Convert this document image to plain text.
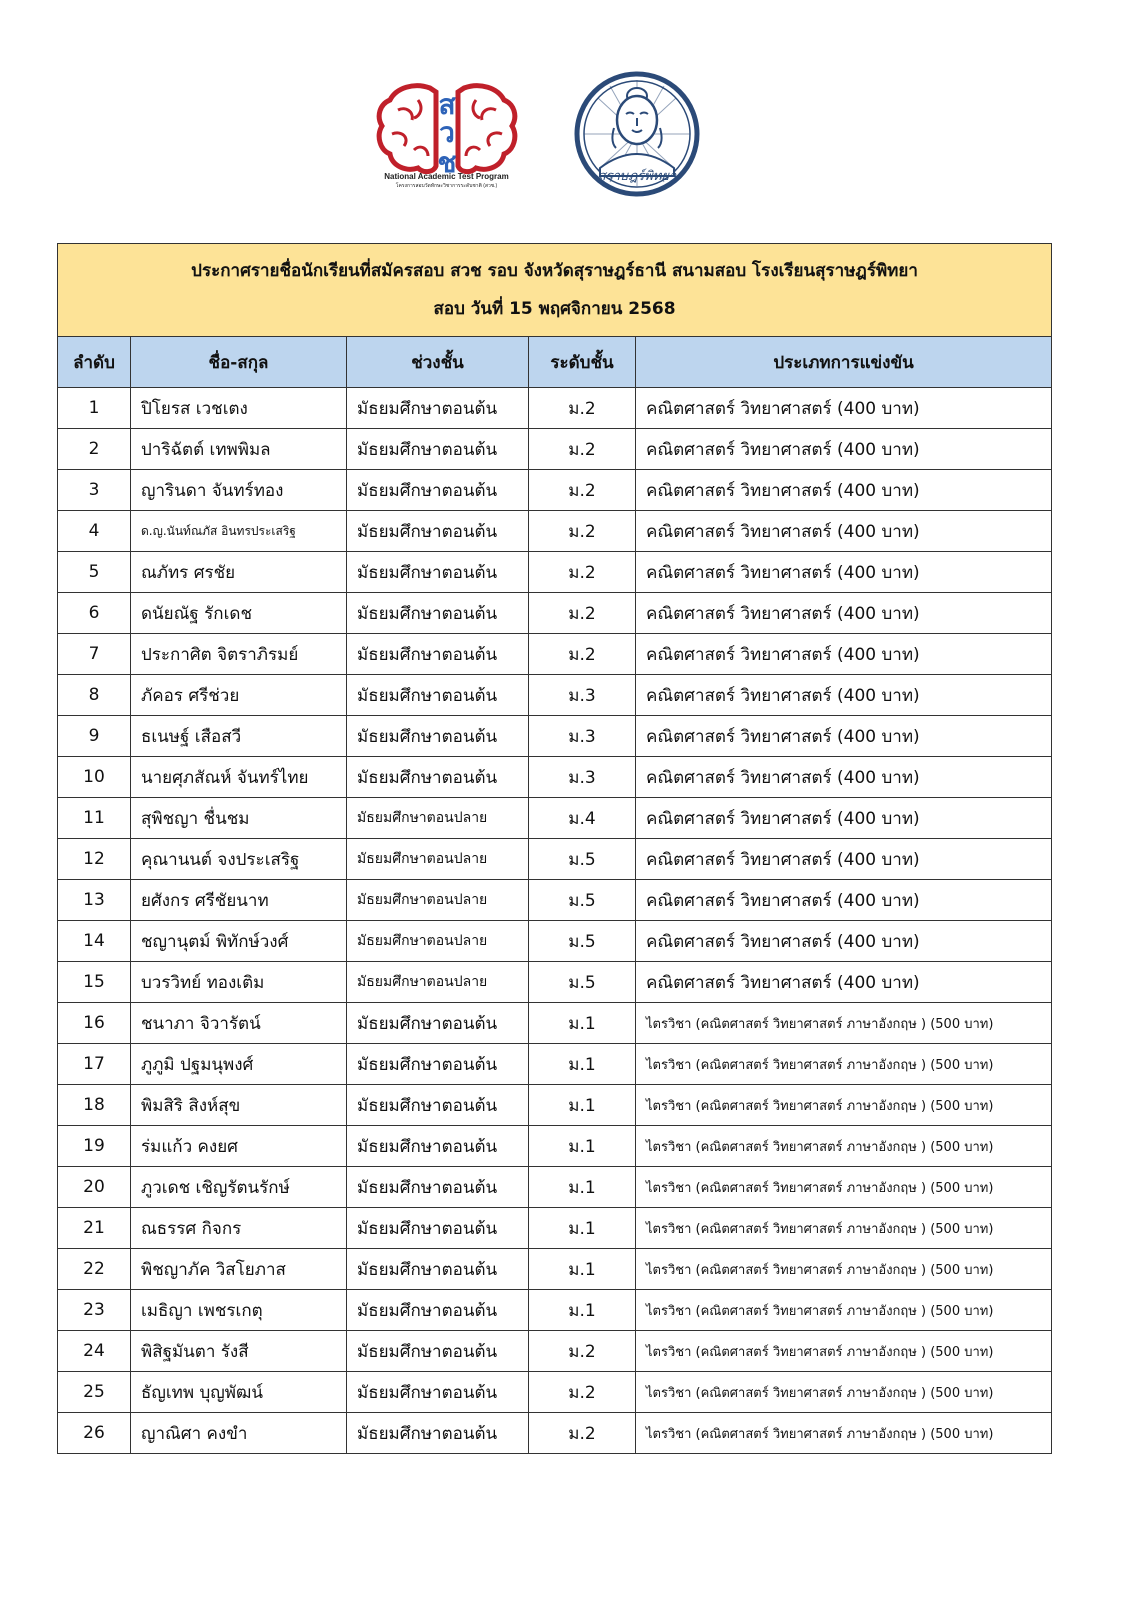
ส
ว
ช
National Academic Test Program
โครงการสอบวัดทักษะวิชาการระดับชาติ (สวช.)
สุราษฎร์พิทยา
ประกาศรายชื่อนักเรียนที่สมัครสอบ สวช รอบ จังหวัดสุราษฎร์ธานี สนามสอบ โรงเรียนสุราษฎร์พิทยา
สอบ วันที่ 15 พฤศจิกายน 2568				

ลำดับ	ชื่อ-สกุล	ช่วงชั้น	ระดับชั้น	ประเภทการแข่งขัน
1	ปิโยรส เวชเตง	มัธยมศึกษาตอนต้น	ม.2	คณิตศาสตร์ วิทยาศาสตร์ (400 บาท)
2	ปาริฉัตต์ เทพพิมล	มัธยมศึกษาตอนต้น	ม.2	คณิตศาสตร์ วิทยาศาสตร์ (400 บาท)
3	ญารินดา จันทร์ทอง	มัธยมศึกษาตอนต้น	ม.2	คณิตศาสตร์ วิทยาศาสตร์ (400 บาท)
4	ด.ญ.นันท์ณภัส อินทรประเสริฐ	มัธยมศึกษาตอนต้น	ม.2	คณิตศาสตร์ วิทยาศาสตร์ (400 บาท)
5	ณภัทร ศรชัย	มัธยมศึกษาตอนต้น	ม.2	คณิตศาสตร์ วิทยาศาสตร์ (400 บาท)
6	ดนัยณัฐ รักเดช	มัธยมศึกษาตอนต้น	ม.2	คณิตศาสตร์ วิทยาศาสตร์ (400 บาท)
7	ประกาศิต จิตราภิรมย์	มัธยมศึกษาตอนต้น	ม.2	คณิตศาสตร์ วิทยาศาสตร์ (400 บาท)
8	ภัคอร ศรีช่วย	มัธยมศึกษาตอนต้น	ม.3	คณิตศาสตร์ วิทยาศาสตร์ (400 บาท)
9	ธเนษฐ์ เสือสวี	มัธยมศึกษาตอนต้น	ม.3	คณิตศาสตร์ วิทยาศาสตร์ (400 บาท)
10	นายศุภสัณห์ จันทร์ไทย	มัธยมศึกษาตอนต้น	ม.3	คณิตศาสตร์ วิทยาศาสตร์ (400 บาท)
11	สุพิชญา ชื่นชม	มัธยมศึกษาตอนปลาย	ม.4	คณิตศาสตร์ วิทยาศาสตร์ (400 บาท)
12	คุณานนต์ จงประเสริฐ	มัธยมศึกษาตอนปลาย	ม.5	คณิตศาสตร์ วิทยาศาสตร์ (400 บาท)
13	ยศังกร ศรีชัยนาท	มัธยมศึกษาตอนปลาย	ม.5	คณิตศาสตร์ วิทยาศาสตร์ (400 บาท)
14	ชญานุตม์ พิทักษ์วงศ์	มัธยมศึกษาตอนปลาย	ม.5	คณิตศาสตร์ วิทยาศาสตร์ (400 บาท)
15	บวรวิทย์ ทองเติม	มัธยมศึกษาตอนปลาย	ม.5	คณิตศาสตร์ วิทยาศาสตร์ (400 บาท)
16	ชนาภา จิวารัตน์	มัธยมศึกษาตอนต้น	ม.1	ไตรวิชา (คณิตศาสตร์ วิทยาศาสตร์ ภาษาอังกฤษ ) (500 บาท)
17	ภูภูมิ ปฐมนุพงศ์	มัธยมศึกษาตอนต้น	ม.1	ไตรวิชา (คณิตศาสตร์ วิทยาศาสตร์ ภาษาอังกฤษ ) (500 บาท)
18	พิมสิริ สิงห์สุข	มัธยมศึกษาตอนต้น	ม.1	ไตรวิชา (คณิตศาสตร์ วิทยาศาสตร์ ภาษาอังกฤษ ) (500 บาท)
19	ร่มแก้ว คงยศ	มัธยมศึกษาตอนต้น	ม.1	ไตรวิชา (คณิตศาสตร์ วิทยาศาสตร์ ภาษาอังกฤษ ) (500 บาท)
20	ภูวเดช เชิญรัตนรักษ์	มัธยมศึกษาตอนต้น	ม.1	ไตรวิชา (คณิตศาสตร์ วิทยาศาสตร์ ภาษาอังกฤษ ) (500 บาท)
21	ณธรรศ กิจกร	มัธยมศึกษาตอนต้น	ม.1	ไตรวิชา (คณิตศาสตร์ วิทยาศาสตร์ ภาษาอังกฤษ ) (500 บาท)
22	พิชญาภัค วิสโยภาส	มัธยมศึกษาตอนต้น	ม.1	ไตรวิชา (คณิตศาสตร์ วิทยาศาสตร์ ภาษาอังกฤษ ) (500 บาท)
23	เมธิญา เพชรเกตุ	มัธยมศึกษาตอนต้น	ม.1	ไตรวิชา (คณิตศาสตร์ วิทยาศาสตร์ ภาษาอังกฤษ ) (500 บาท)
24	พิสิฐมันตา รังสี	มัธยมศึกษาตอนต้น	ม.2	ไตรวิชา (คณิตศาสตร์ วิทยาศาสตร์ ภาษาอังกฤษ ) (500 บาท)
25	ธัญเทพ บุญพัฒน์	มัธยมศึกษาตอนต้น	ม.2	ไตรวิชา (คณิตศาสตร์ วิทยาศาสตร์ ภาษาอังกฤษ ) (500 บาท)
26	ญาณิศา คงขำ	มัธยมศึกษาตอนต้น	ม.2	ไตรวิชา (คณิตศาสตร์ วิทยาศาสตร์ ภาษาอังกฤษ ) (500 บาท)
